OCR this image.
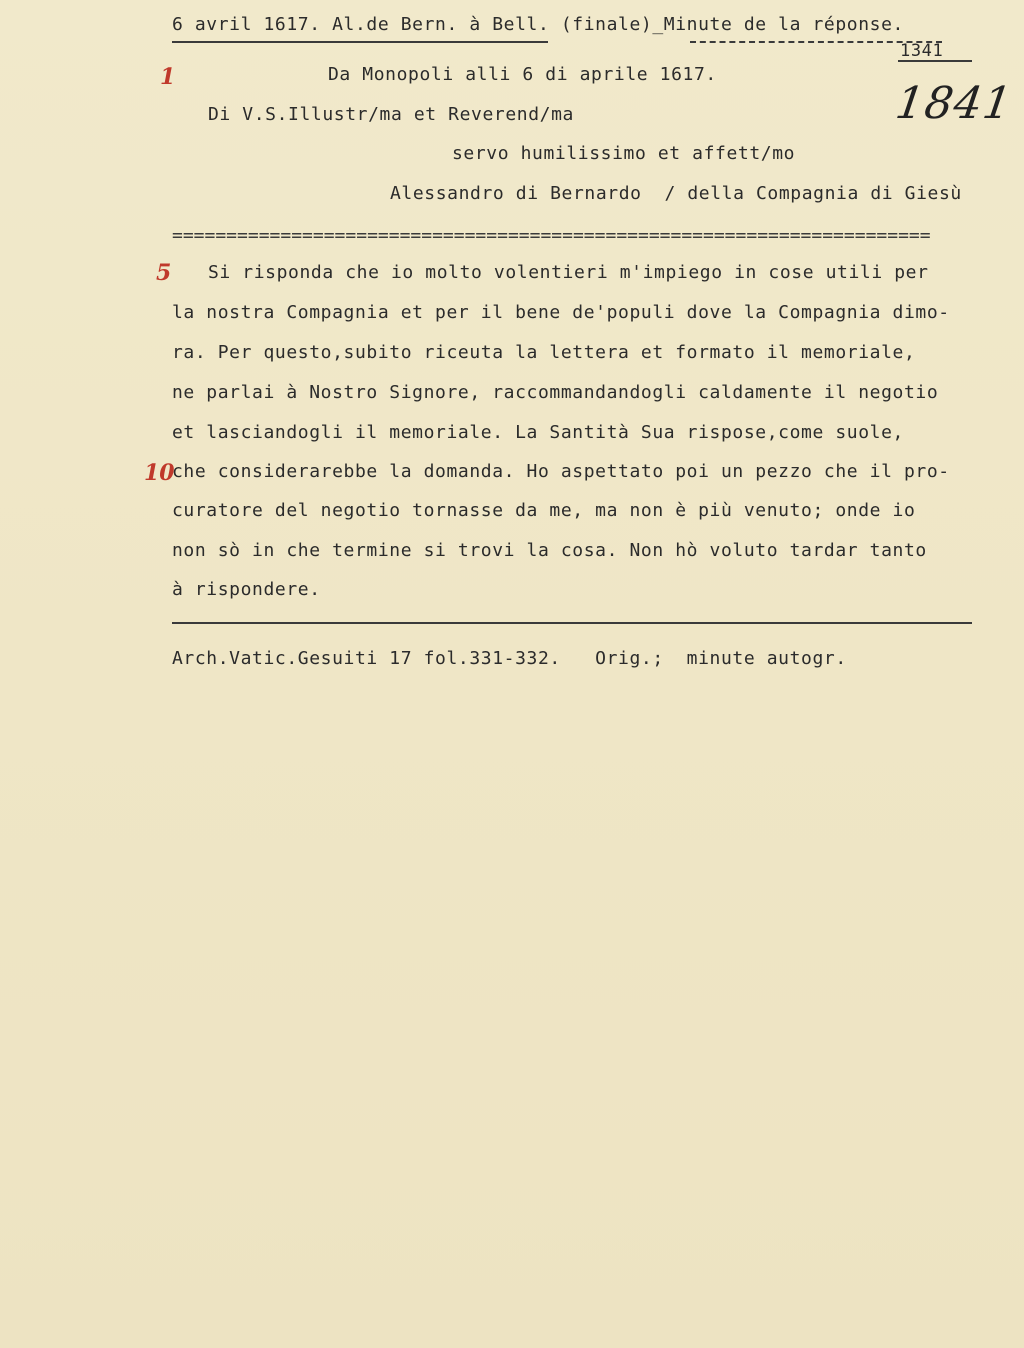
6 avril 1617. Al.de Bern. à Bell. (finale)_Minute de la réponse.
1341
1841
1
5
10
Da Monopoli alli 6 di aprile 1617.
Di V.S.Illustr/ma et Reverend/ma
servo humilissimo et affett/mo
Alessandro di Bernardo  / della Compagnia di Giesù
======================================================================
Si risponda che io molto volentieri m'impiego in cose utili per
la nostra Compagnia et per il bene de'populi dove la Compagnia dimo-
ra. Per questo,subito riceuta la lettera et formato il memoriale,
ne parlai à Nostro Signore, raccommandandogli caldamente il negotio
et lasciandogli il memoriale. La Santità Sua rispose,come suole,
che considerarebbe la domanda. Ho aspettato poi un pezzo che il pro-
curatore del negotio tornasse da me, ma non è più venuto; onde io
non sò in che termine si trovi la cosa. Non hò voluto tardar tanto
à rispondere.
Arch.Vatic.Gesuiti 17 fol.331-332.   Orig.;  minute autogr.
